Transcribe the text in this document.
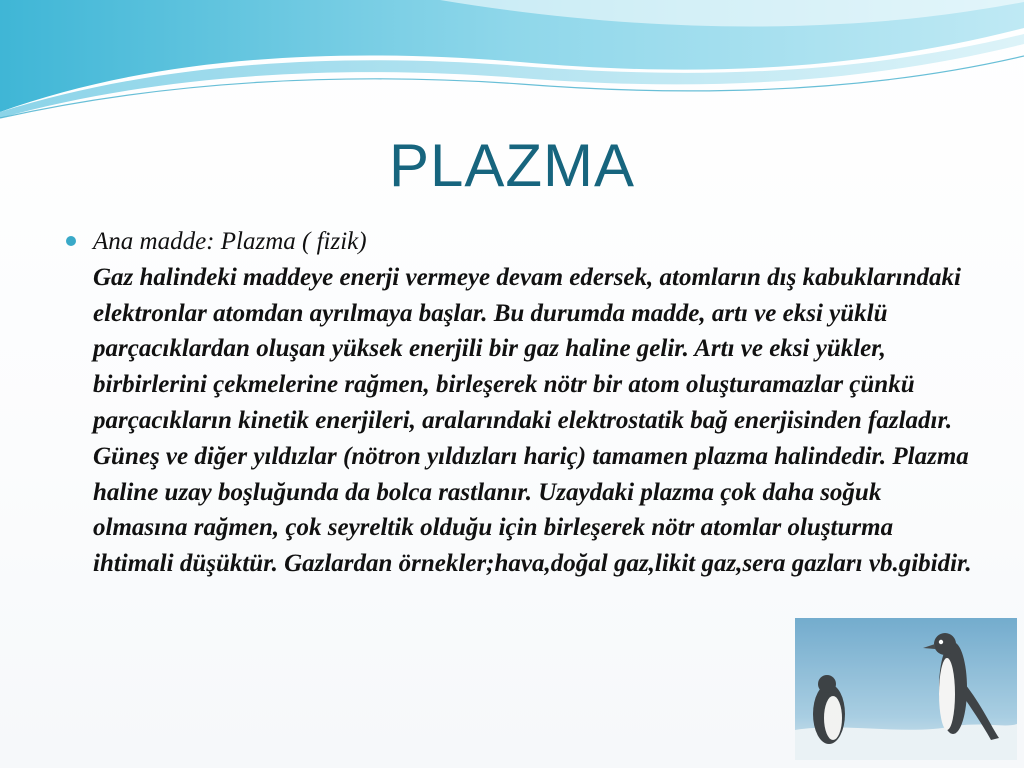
PLAZMA
Ana madde: Plazma ( fizik)
Gaz halindeki maddeye enerji vermeye devam edersek, atomların dış kabuklarındaki elektronlar atomdan ayrılmaya başlar. Bu durumda madde, artı ve eksi yüklü parçacıklardan oluşan yüksek enerjili bir gaz haline gelir. Artı ve eksi yükler, birbirlerini çekmelerine rağmen, birleşerek nötr bir atom oluşturamazlar çünkü parçacıkların kinetik enerjileri, aralarındaki elektrostatik bağ enerjisinden fazladır. Güneş ve diğer yıldızlar (nötron yıldızları hariç) tamamen plazma halindedir. Plazma haline uzay boşluğunda da bolca rastlanır. Uzaydaki plazma çok daha soğuk olmasına rağmen, çok seyreltik olduğu için birleşerek nötr atomlar oluşturma ihtimali düşüktür. Gazlardan örnekler;hava,doğal gaz,likit gaz,sera gazları vb.gibidir.
